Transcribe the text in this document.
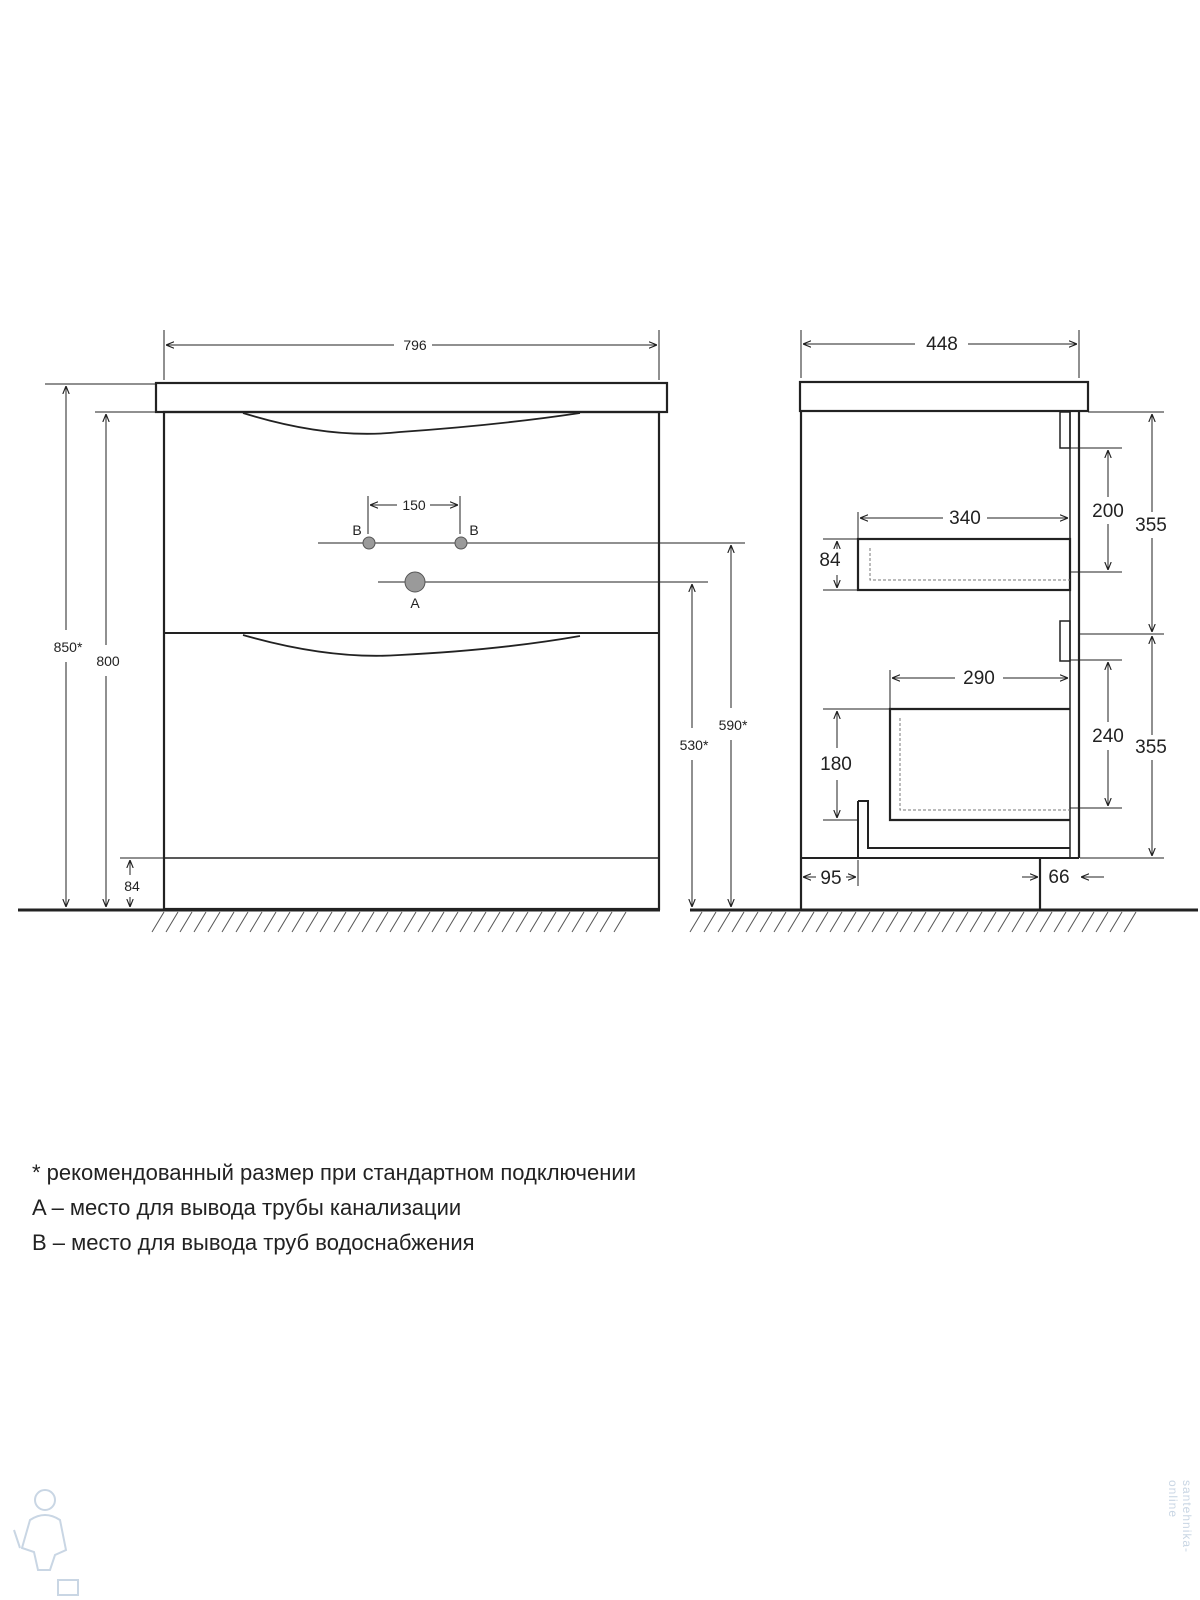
796
850*
800
84
150
B	B
A
530*
590*
448
200
355
340
84
290
240
355
180
95	66
* рекомендованный размер при стандартном подключении
A – место для вывода трубы канализации
B – место для вывода труб водоснабжения
santehnika-online
